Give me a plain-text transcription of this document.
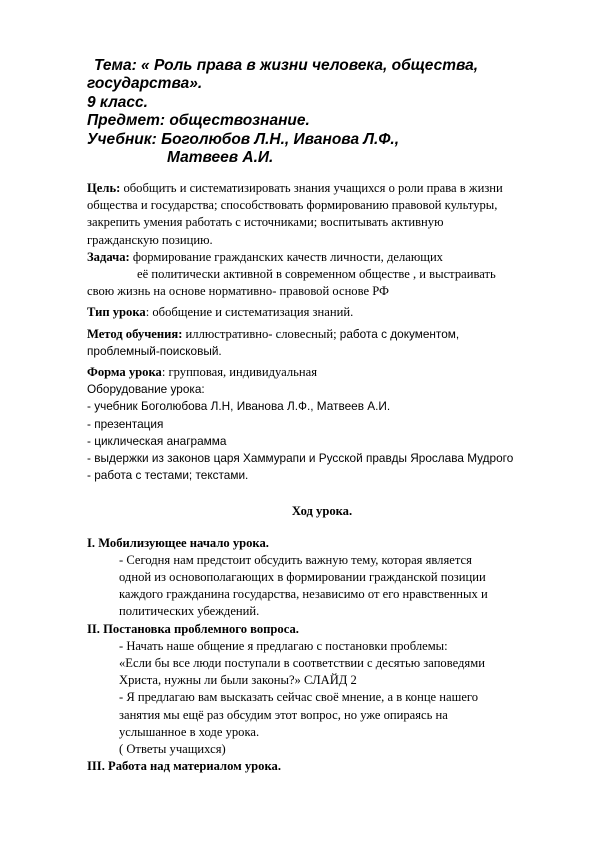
Тема: « Роль права в жизни человека, общества,
государства».
9 класс.
Предмет: обществознание.
Учебник: Боголюбов Л.Н., Иванова Л.Ф.,
Матвеев А.И.
Цель: обобщить и систематизировать знания учащихся о роли права в жизни
общества и государства; способствовать формированию правовой культуры,
закрепить умения работать с источниками; воспитывать активную
гражданскую позицию.
Задача: формирование гражданских качеств личности, делающих
её политически активной в современном обществе , и выстраивать
свою жизнь на основе нормативно- правовой основе РФ
Тип урока: обобщение и систематизация знаний.
Метод обучения: иллюстративно- словесный; работа с документом,
проблемный-поисковый.
Форма урока: групповая, индивидуальная
Оборудование урока:
- учебник Боголюбова Л.Н, Иванова Л.Ф., Матвеев А.И.
- презентация
- циклическая анаграмма
- выдержки из законов царя Хаммурапи и Русской правды Ярослава Мудрого
- работа с тестами; текстами.
Ход урока.
I. Мобилизующее начало урока.
- Сегодня нам предстоит обсудить важную тему, которая является
одной из основополагающих в формировании гражданской позиции
каждого гражданина государства, независимо от его нравственных и
политических убеждений.
II. Постановка проблемного вопроса.
- Начать наше общение я предлагаю с постановки проблемы:
«Если бы все люди поступали в соответствии с десятью заповедями
Христа, нужны ли были законы?» СЛАЙД 2
- Я предлагаю вам высказать сейчас своё мнение, а в конце нашего
занятия мы ещё раз обсудим этот вопрос, но уже опираясь на
услышанное в ходе урока.
( Ответы учащихся)
III. Работа над материалом урока.
